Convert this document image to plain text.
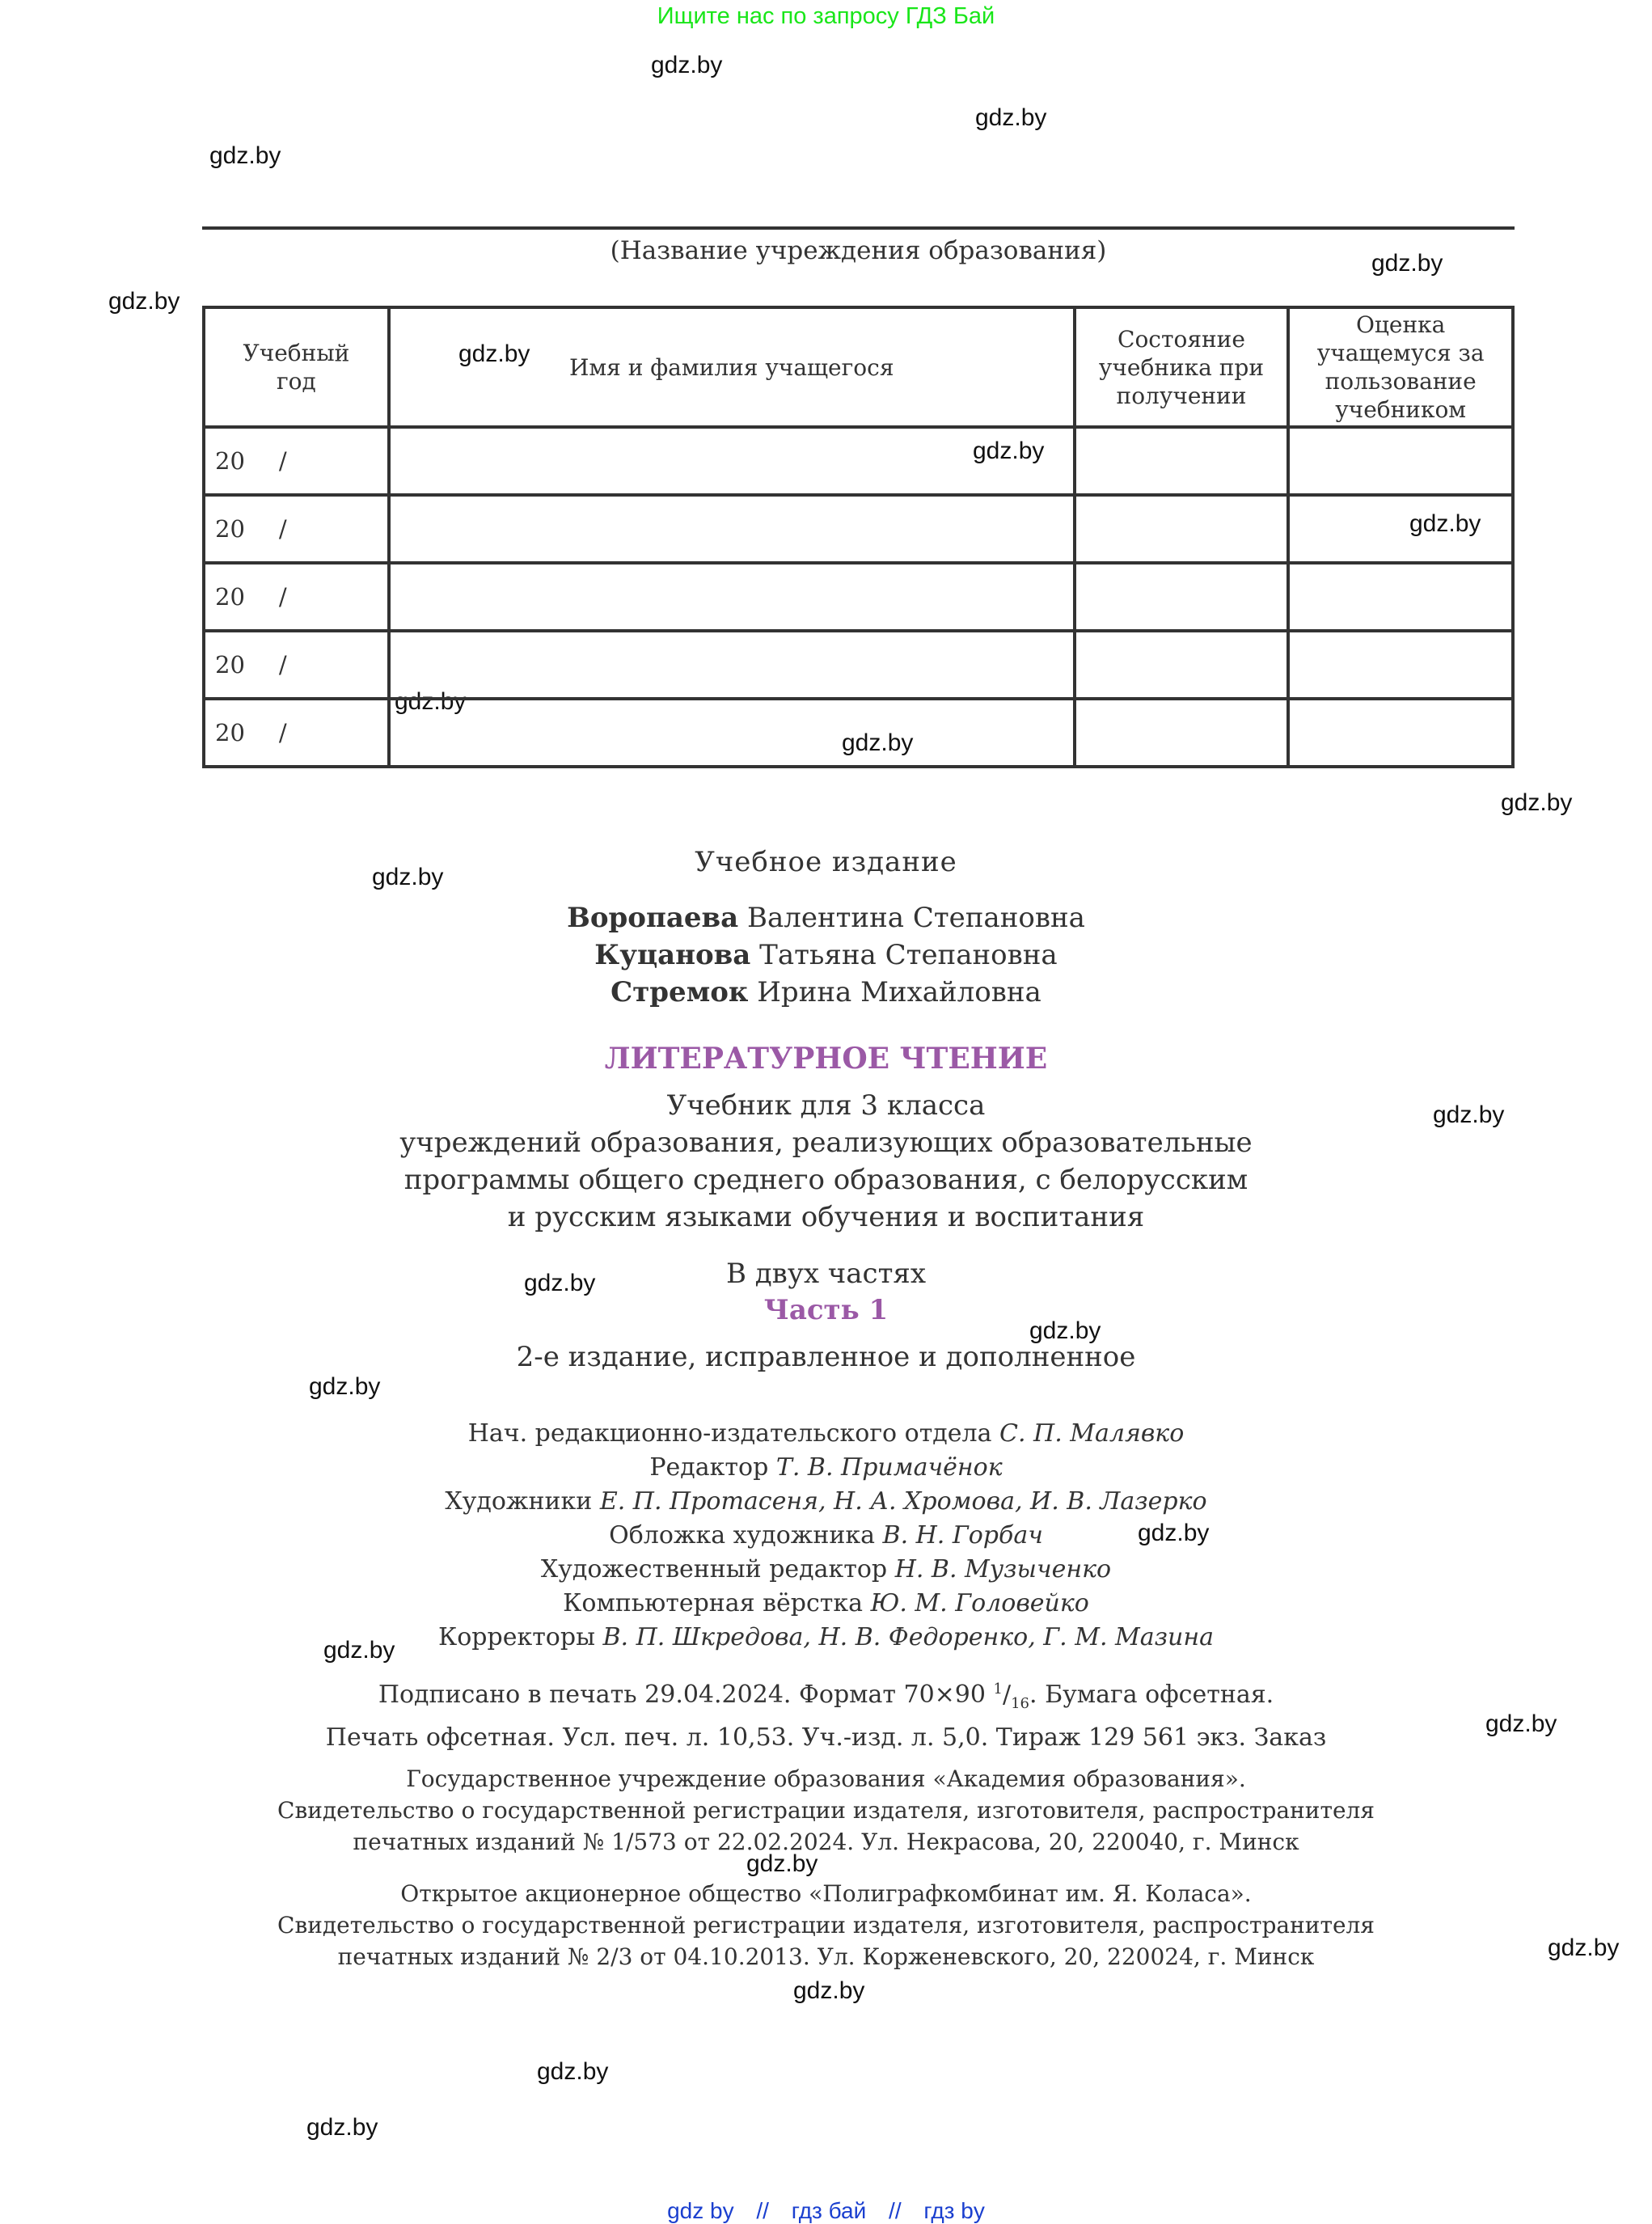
Ищите нас по запросу ГДЗ Бай
gdz.by
gdz.by
gdz.by
gdz.by
gdz.by
gdz.by
gdz.by
gdz.by
gdz.by
gdz.by
gdz.by
gdz.by
gdz.by
gdz.by
gdz.by
gdz.by
gdz.by
gdz.by
gdz.by
gdz.by
gdz.by
gdz.by
gdz.by
gdz.by
(Название учреждения образования)
Учебный год	Имя и фамилия учащегося	Состояние учебника при получении	Оценка учащемуся за пользование учебником
20 /			
20 /			
20 /			
20 /			
20 /			
Учебное издание
Воропаева Валентина Степановна
Куцанова Татьяна Степановна
Стремок Ирина Михайловна
ЛИТЕРАТУРНОЕ ЧТЕНИЕ
Учебник для 3 класса
учреждений образования, реализующих образовательные
программы общего среднего образования, с белорусским
и русским языками обучения и воспитания
В двух частях
Часть 1
2-е издание, исправленное и дополненное
Нач. редакционно-издательского отдела С. П. Малявко
Редактор Т. В. Примачёнок
Художники Е. П. Протасеня, Н. А. Хромова, И. В. Лазерко
Обложка художника В. Н. Горбач
Художественный редактор Н. В. Музыченко
Компьютерная вёрстка Ю. М. Головейко
Корректоры В. П. Шкредова, Н. В. Федоренко, Г. М. Мазина
Подписано в печать 29.04.2024. Формат 70×90 $^1/_{16}$. Бумага офсетная.
Печать офсетная. Усл. печ. л. 10,53. Уч.-изд. л. 5,0. Тираж 129 561 экз. Заказ
Государственное учреждение образования «Академия образования».
Свидетельство о государственной регистрации издателя, изготовителя, распространителя
печатных изданий № 1/573 от 22.02.2024. Ул. Некрасова, 20, 220040, г. Минск
Открытое акционерное общество «Полиграфкомбинат им. Я. Коласа».
Свидетельство о государственной регистрации издателя, изготовителя, распространителя
печатных изданий № 2/3 от 04.10.2013. Ул. Корженевского, 20, 220024, г. Минск
gdz by // гдз бай // гдз by
